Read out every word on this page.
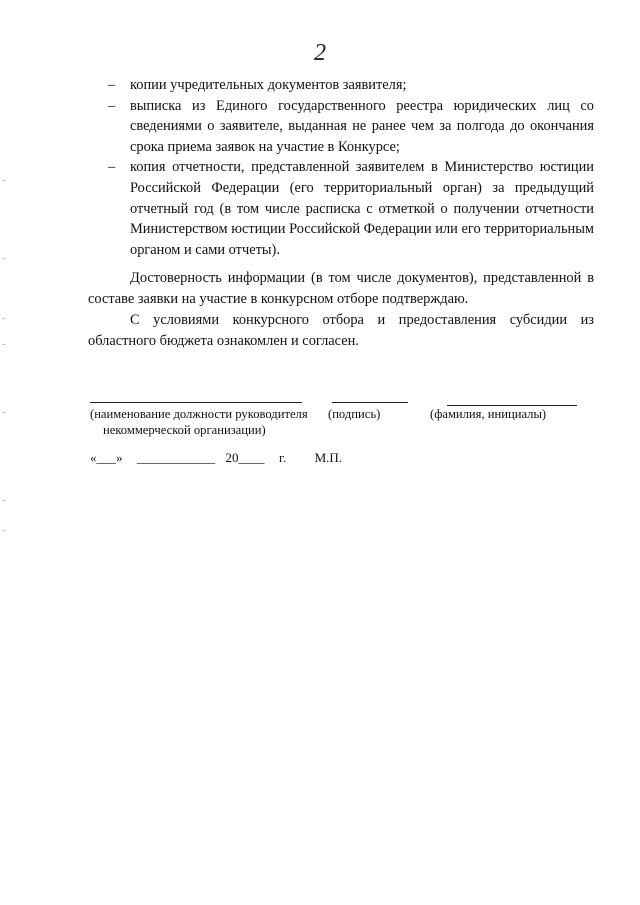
2
– копии учредительных документов заявителя;
– выписка из Единого государственного реестра юридических лиц со сведениями о заявителе, выданная не ранее чем за полгода до окончания срока приема заявок на участие в Конкурсе;
– копия отчетности, представленной заявителем в Министерство юстиции Российской Федерации (его территориальный орган) за предыдущий отчетный год (в том числе расписка с отметкой о получении отчетности Министерством юстиции Российской Федерации или его территориальным органом и сами отчеты).

Достоверность информации (в том числе документов), представленной в составе заявки на участие в конкурсном отборе подтверждаю.

С условиями конкурсного отбора и предоставления субсидии из областного бюджета ознакомлен и согласен.

(наименование должности руководителя
некоммерческой организации)
(подпись)	(фамилия, инициалы)
«___» ____________ 20____ г. М.П.
